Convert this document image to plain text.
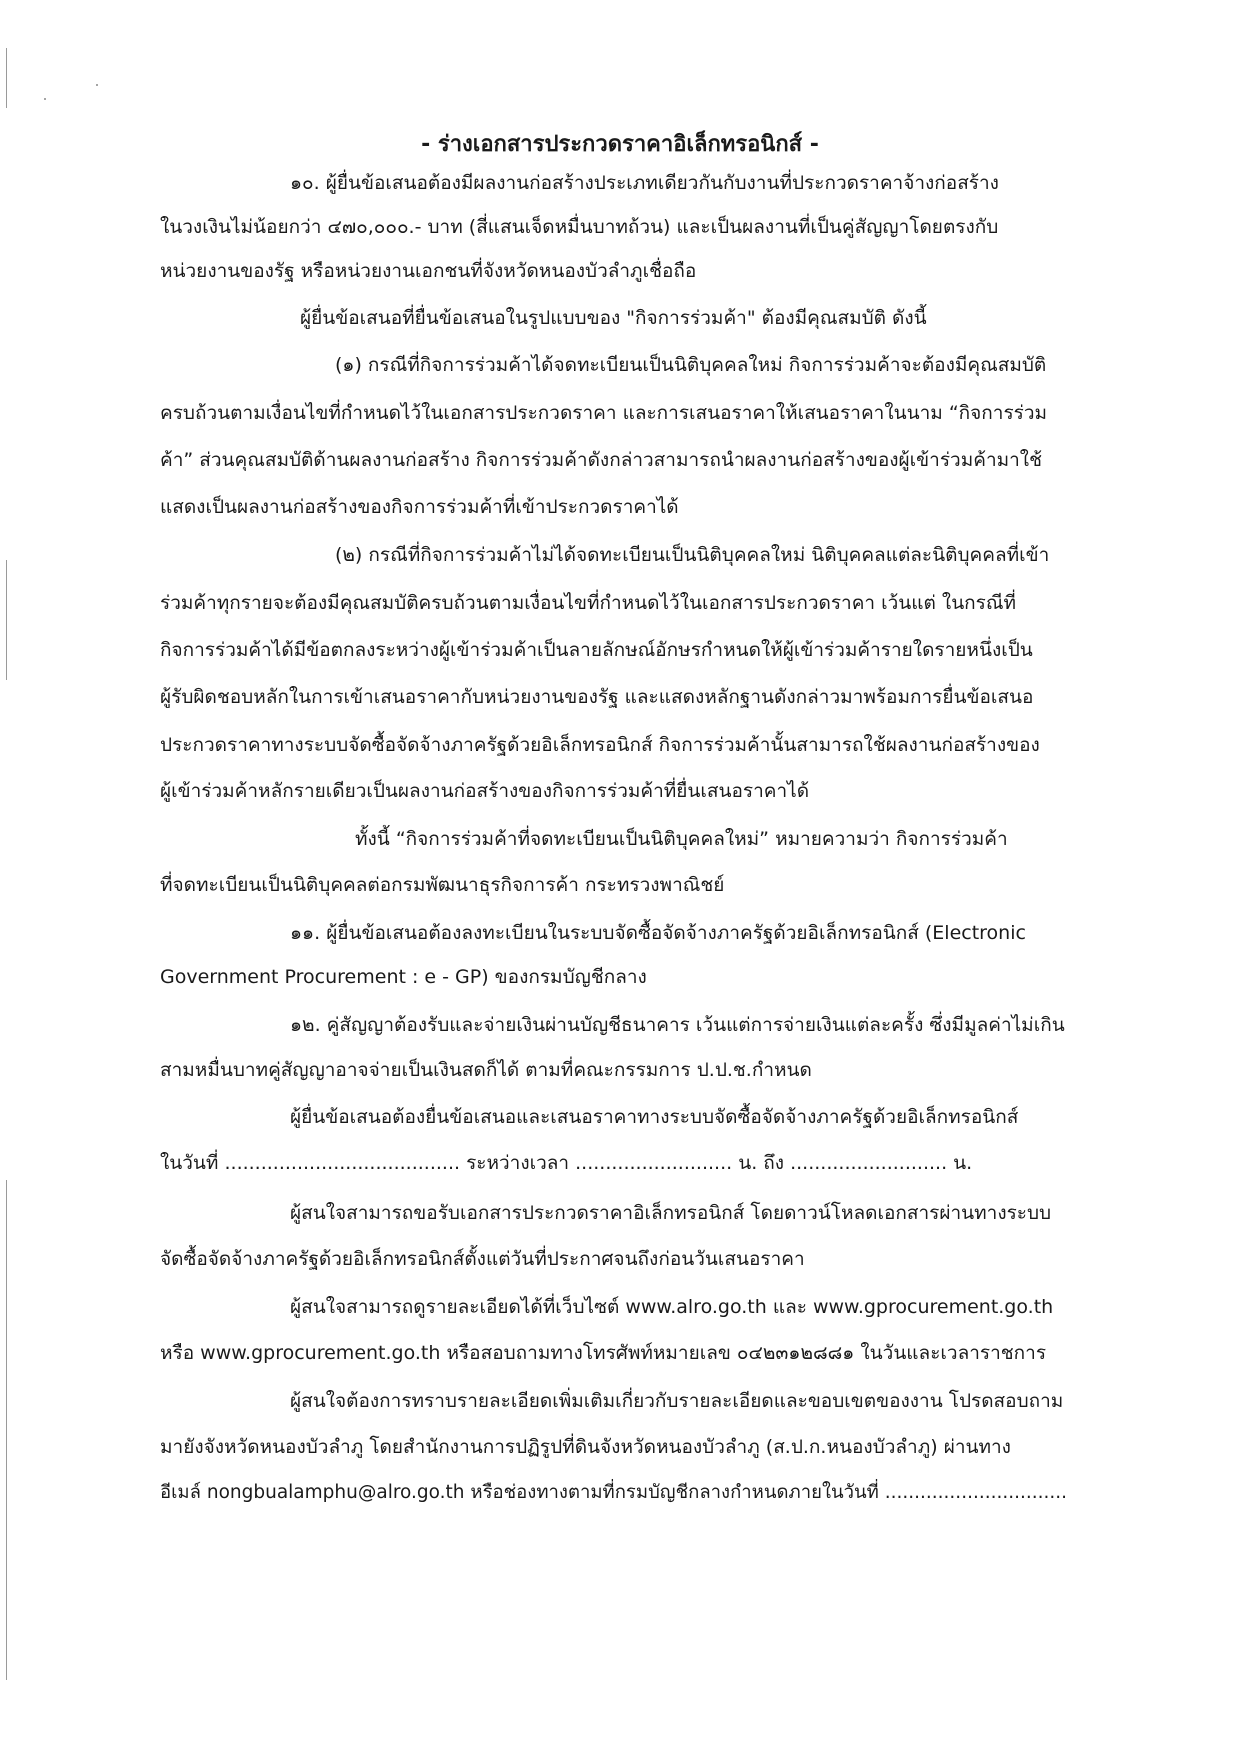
- ร่างเอกสารประกวดราคาอิเล็กทรอนิกส์ -
๑๐. ผู้ยื่นข้อเสนอต้องมีผลงานก่อสร้างประเภทเดียวกันกับงานที่ประกวดราคาจ้างก่อสร้าง
ในวงเงินไม่น้อยกว่า ๔๗๐,๐๐๐.- บาท (สี่แสนเจ็ดหมื่นบาทถ้วน) และเป็นผลงานที่เป็นคู่สัญญาโดยตรงกับ
หน่วยงานของรัฐ หรือหน่วยงานเอกชนที่จังหวัดหนองบัวลำภูเชื่อถือ
ผู้ยื่นข้อเสนอที่ยื่นข้อเสนอในรูปแบบของ "กิจการร่วมค้า" ต้องมีคุณสมบัติ ดังนี้
(๑) กรณีที่กิจการร่วมค้าได้จดทะเบียนเป็นนิติบุคคลใหม่ กิจการร่วมค้าจะต้องมีคุณสมบัติ
ครบถ้วนตามเงื่อนไขที่กำหนดไว้ในเอกสารประกวดราคา และการเสนอราคาให้เสนอราคาในนาม “กิจการร่วม
ค้า” ส่วนคุณสมบัติด้านผลงานก่อสร้าง กิจการร่วมค้าดังกล่าวสามารถนำผลงานก่อสร้างของผู้เข้าร่วมค้ามาใช้
แสดงเป็นผลงานก่อสร้างของกิจการร่วมค้าที่เข้าประกวดราคาได้
(๒) กรณีที่กิจการร่วมค้าไม่ได้จดทะเบียนเป็นนิติบุคคลใหม่ นิติบุคคลแต่ละนิติบุคคลที่เข้า
ร่วมค้าทุกรายจะต้องมีคุณสมบัติครบถ้วนตามเงื่อนไขที่กำหนดไว้ในเอกสารประกวดราคา เว้นแต่ ในกรณีที่
กิจการร่วมค้าได้มีข้อตกลงระหว่างผู้เข้าร่วมค้าเป็นลายลักษณ์อักษรกำหนดให้ผู้เข้าร่วมค้ารายใดรายหนึ่งเป็น
ผู้รับผิดชอบหลักในการเข้าเสนอราคากับหน่วยงานของรัฐ และแสดงหลักฐานดังกล่าวมาพร้อมการยื่นข้อเสนอ
ประกวดราคาทางระบบจัดซื้อจัดจ้างภาครัฐด้วยอิเล็กทรอนิกส์ กิจการร่วมค้านั้นสามารถใช้ผลงานก่อสร้างของ
ผู้เข้าร่วมค้าหลักรายเดียวเป็นผลงานก่อสร้างของกิจการร่วมค้าที่ยื่นเสนอราคาได้
ทั้งนี้ “กิจการร่วมค้าที่จดทะเบียนเป็นนิติบุคคลใหม่” หมายความว่า กิจการร่วมค้า
ที่จดทะเบียนเป็นนิติบุคคลต่อกรมพัฒนาธุรกิจการค้า กระทรวงพาณิชย์
๑๑. ผู้ยื่นข้อเสนอต้องลงทะเบียนในระบบจัดซื้อจัดจ้างภาครัฐด้วยอิเล็กทรอนิกส์ (Electronic
Government Procurement : e - GP) ของกรมบัญชีกลาง
๑๒. คู่สัญญาต้องรับและจ่ายเงินผ่านบัญชีธนาคาร เว้นแต่การจ่ายเงินแต่ละครั้ง ซึ่งมีมูลค่าไม่เกิน
สามหมื่นบาทคู่สัญญาอาจจ่ายเป็นเงินสดก็ได้ ตามที่คณะกรรมการ ป.ป.ช.กำหนด
ผู้ยื่นข้อเสนอต้องยื่นข้อเสนอและเสนอราคาทางระบบจัดซื้อจัดจ้างภาครัฐด้วยอิเล็กทรอนิกส์
ในวันที่ ....................................... ระหว่างเวลา .......................... น. ถึง .......................... น.
ผู้สนใจสามารถขอรับเอกสารประกวดราคาอิเล็กทรอนิกส์ โดยดาวน์โหลดเอกสารผ่านทางระบบ
จัดซื้อจัดจ้างภาครัฐด้วยอิเล็กทรอนิกส์ตั้งแต่วันที่ประกาศจนถึงก่อนวันเสนอราคา
ผู้สนใจสามารถดูรายละเอียดได้ที่เว็บไซต์ www.alro.go.th และ www.gprocurement.go.th
หรือ www.gprocurement.go.th หรือสอบถามทางโทรศัพท์หมายเลข ๐๔๒๓๑๒๘๘๑ ในวันและเวลาราชการ
ผู้สนใจต้องการทราบรายละเอียดเพิ่มเติมเกี่ยวกับรายละเอียดและขอบเขตของงาน โปรดสอบถาม
มายังจังหวัดหนองบัวลำภู โดยสำนักงานการปฏิรูปที่ดินจังหวัดหนองบัวลำภู (ส.ป.ก.หนองบัวลำภู) ผ่านทาง
อีเมล์ nongbualamphu@alro.go.th หรือช่องทางตามที่กรมบัญชีกลางกำหนดภายในวันที่ ...............................
